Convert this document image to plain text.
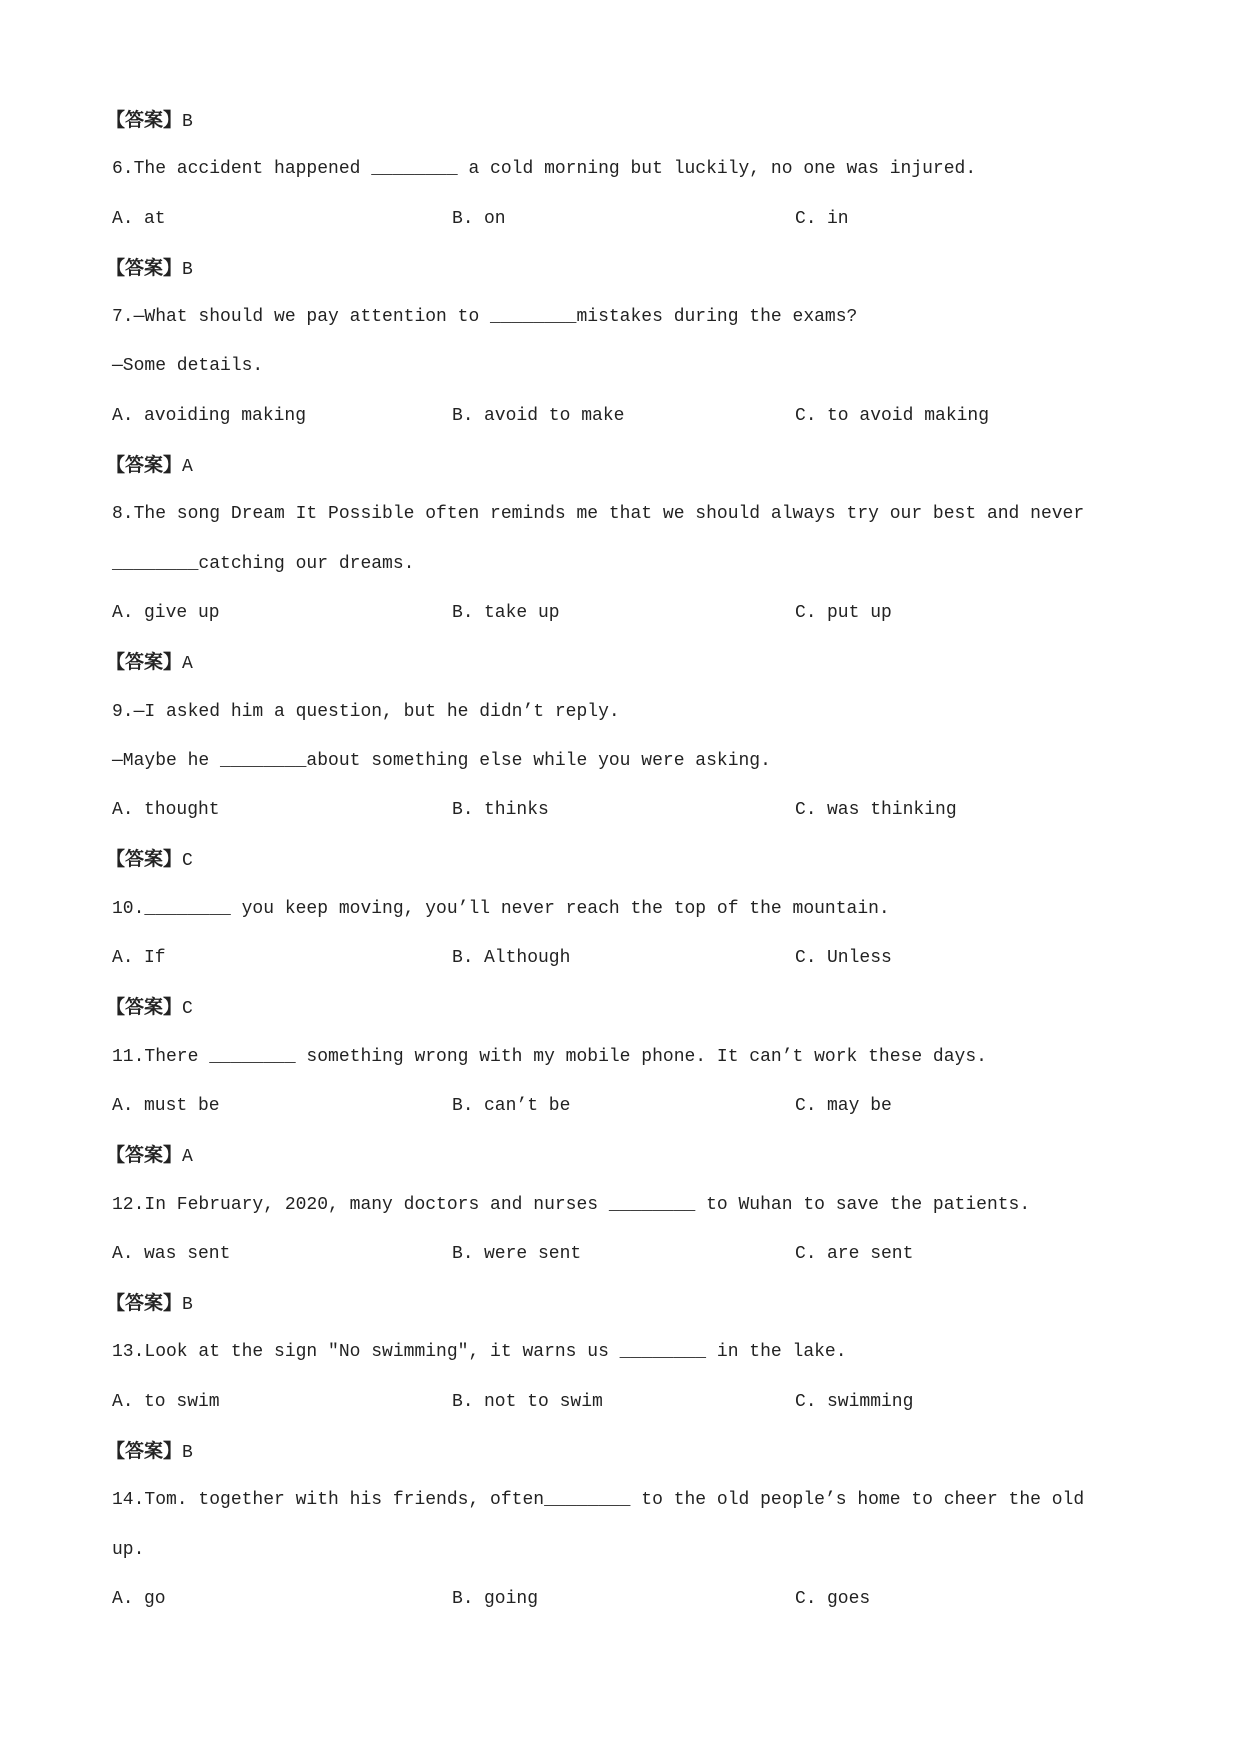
【答案】B
6.The accident happened ________ a cold morning but luckily, no one was injured.
A. at	B. on	C. in
【答案】B
7.—What should we pay attention to ________mistakes during the exams?
—Some details.
A. avoiding making	B. avoid to make	C. to avoid making
【答案】A
8.The song Dream It Possible often reminds me that we should always try our best and never
________catching our dreams.
A. give up	B. take up	C. put up
【答案】A
9.—I asked him a question, but he didn’t reply.
—Maybe he ________about something else while you were asking.
A. thought	B. thinks	C. was thinking
【答案】C
10.________ you keep moving, you’ll never reach the top of the mountain.
A. If	B. Although	C. Unless
【答案】C
11.There ________ something wrong with my mobile phone. It can’t work these days.
A. must be	B. can’t be	C. may be
【答案】A
12.In February, 2020, many doctors and nurses ________ to Wuhan to save the patients.
A. was sent	B. were sent	C. are sent
【答案】B
13.Look at the sign ″No swimming″, it warns us ________ in the lake.
A. to swim	B. not to swim	C. swimming
【答案】B
14.Tom. together with his friends, often________ to the old people’s home to cheer the old
up.
A. go	B. going	C. goes
